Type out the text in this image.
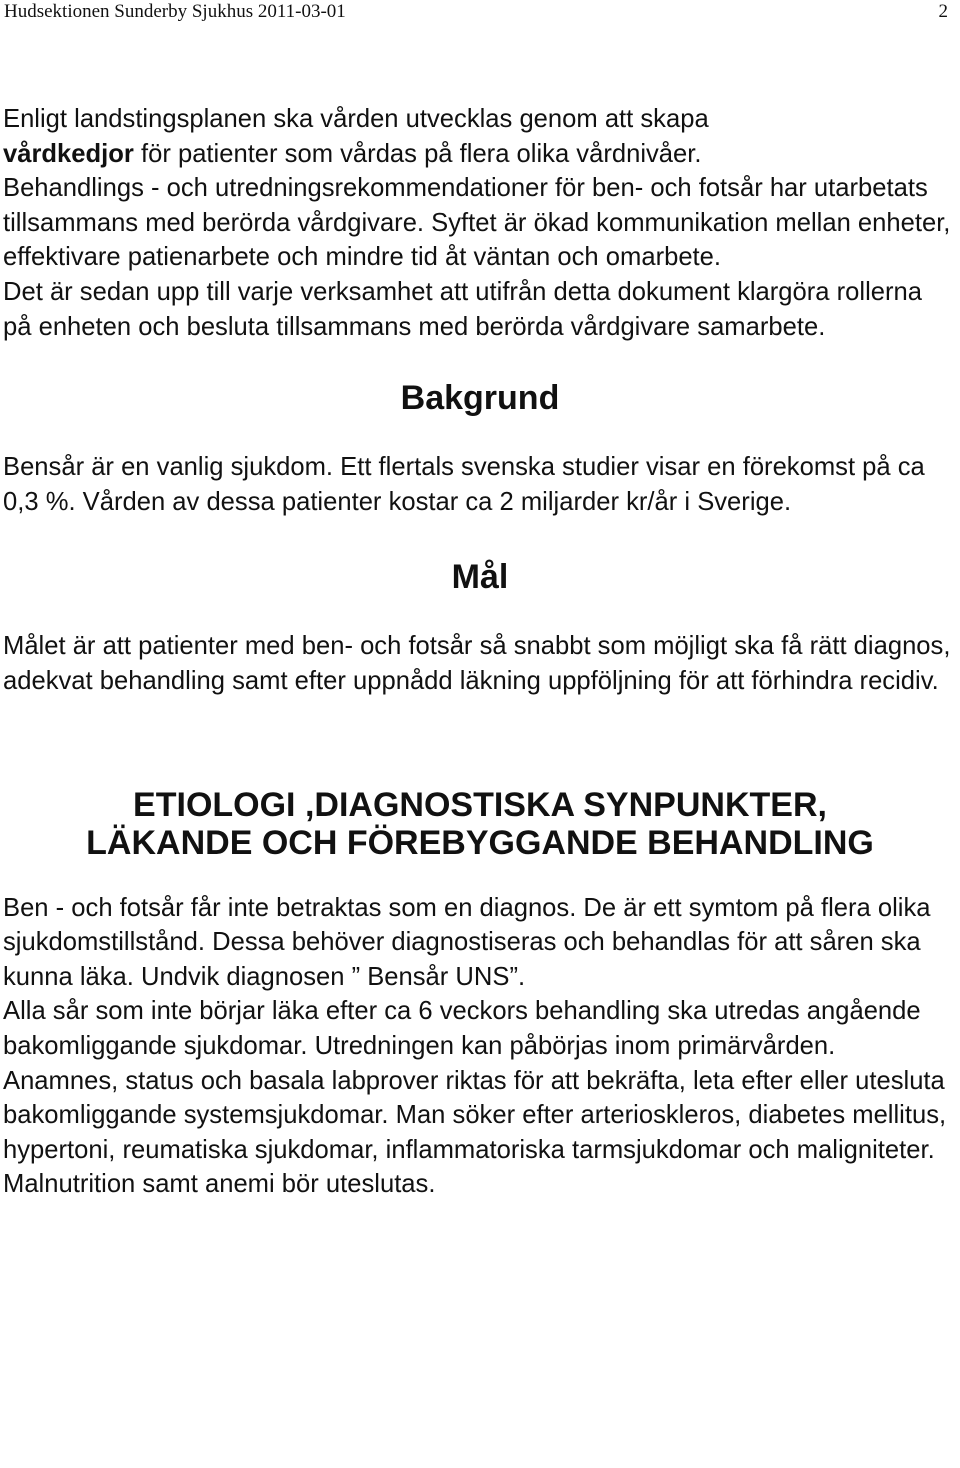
Hudsektionen Sunderby Sjukhus 2011-03-01	2

Enligt landstingsplanen ska vården utvecklas genom att skapa
vårdkedjor för patienter som vårdas på flera olika vårdnivåer.
Behandlings - och utredningsrekommendationer för ben- och fotsår har utarbetats tillsammans med berörda vårdgivare. Syftet är ökad kommunikation mellan enheter, effektivare patienarbete och mindre tid åt väntan och omarbete.

Det är sedan upp till varje verksamhet att utifrån detta dokument klargöra rollerna på enheten och besluta tillsammans med berörda vårdgivare samarbete.

Bakgrund

Bensår är en vanlig sjukdom. Ett flertals svenska studier visar en förekomst på ca 0,3 %. Vården av dessa patienter kostar ca 2 miljarder kr/år i Sverige.

Mål

Målet är att patienter med ben- och fotsår så snabbt som möjligt ska få rätt diagnos, adekvat behandling samt efter uppnådd läkning uppföljning för att förhindra recidiv.

ETIOLOGI ,DIAGNOSTISKA SYNPUNKTER,
LÄKANDE OCH FÖREBYGGANDE BEHANDLING

Ben - och fotsår får inte betraktas som en diagnos. De är ett symtom på flera olika sjukdomstillstånd. Dessa behöver diagnostiseras och behandlas för att såren ska kunna läka. Undvik diagnosen ” Bensår UNS”.

Alla sår som inte börjar läka efter ca 6 veckors behandling ska utredas angående bakomliggande sjukdomar. Utredningen kan påbörjas inom primärvården.

Anamnes, status och basala labprover riktas för att bekräfta, leta efter eller utesluta bakomliggande systemsjukdomar. Man söker efter arterioskleros, diabetes mellitus, hypertoni, reumatiska sjukdomar, inflammatoriska tarmsjukdomar och maligniteter.

Malnutrition samt anemi bör uteslutas.
